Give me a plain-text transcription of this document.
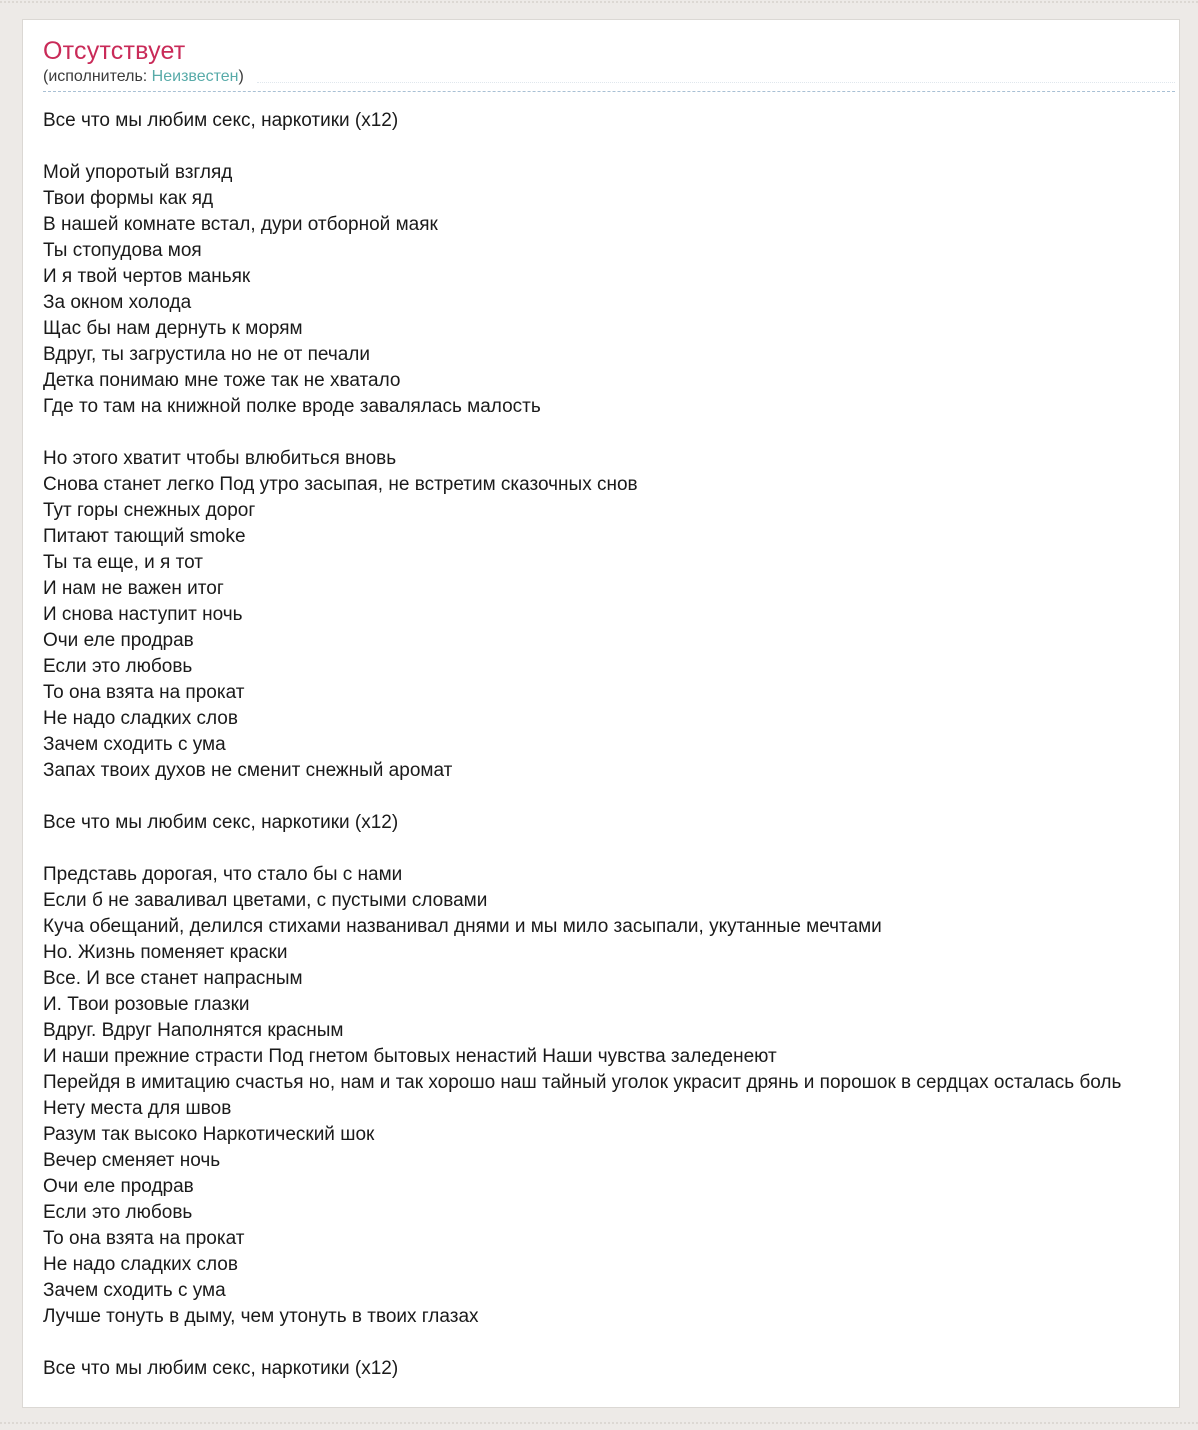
Отсутствует
(исполнитель: Неизвестен)
Все что мы любим секс, наркотики (x12)

Мой упоротый взгляд
Твои формы как яд
В нашей комнате встал, дури отборной маяк
Ты стопудова моя
И я твой чертов маньяк
За окном холода
Щас бы нам дернуть к морям
Вдруг, ты загрустила но не от печали
Детка понимаю мне тоже так не хватало
Где то там на книжной полке вроде завалялась малость

Но этого хватит чтобы влюбиться вновь
Снова станет легко Под утро засыпая, не встретим сказочных снов
Тут горы снежных дорог
Питают тающий smoke
Ты та еще, и я тот
И нам не важен итог
И снова наступит ночь
Очи еле продрав
Если это любовь
То она взята на прокат
Не надо сладких слов
Зачем сходить с ума
Запах твоих духов не сменит снежный аромат

Все что мы любим секс, наркотики (x12)

Представь дорогая, что стало бы с нами
Если б не заваливал цветами, с пустыми словами
Куча обещаний, делился стихами названивал днями и мы мило засыпали, укутанные мечтами
Но. Жизнь поменяет краски
Все. И все станет напрасным
И. Твои розовые глазки
Вдруг. Вдруг Наполнятся красным
И наши прежние страсти Под гнетом бытовых ненастий Наши чувства заледенеют
Перейдя в имитацию счастья но, нам и так хорошо наш тайный уголок украсит дрянь и порошок в сердцах осталась боль
Нету места для швов
Разум так высоко Наркотический шок
Вечер сменяет ночь
Очи еле продрав
Если это любовь
То она взята на прокат
Не надо сладких слов
Зачем сходить с ума
Лучше тонуть в дыму, чем утонуть в твоих глазах

Все что мы любим секс, наркотики (x12)
